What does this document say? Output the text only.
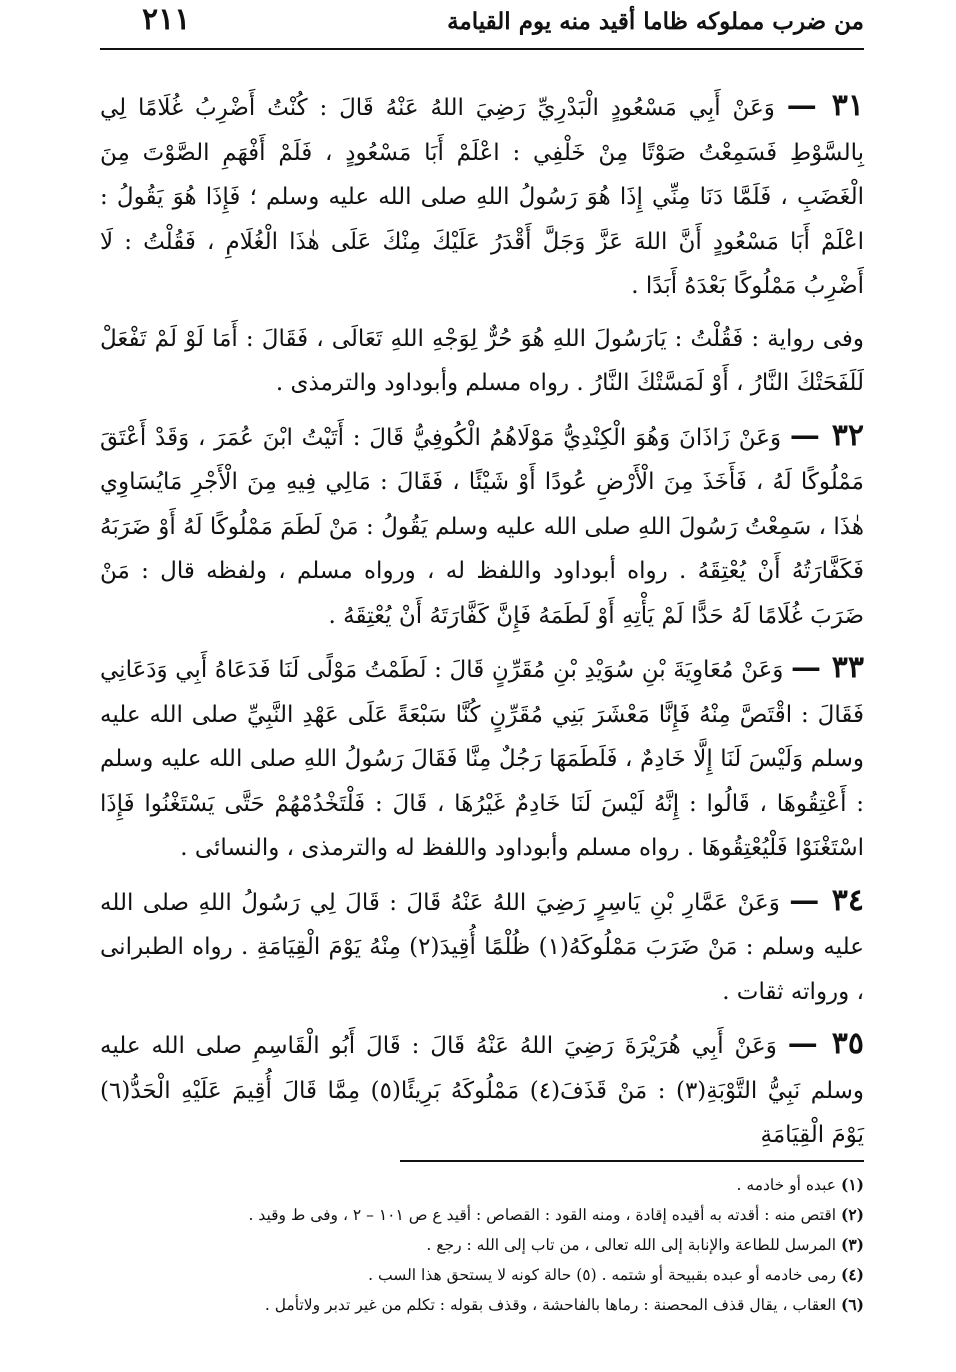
من ضرب مملوكه ظاما أقيد منه يوم القيامة
٢١١

٣١ — وَعَنْ أَبِي مَسْعُودٍ الْبَدْرِيِّ رَضِيَ اللهُ عَنْهُ قَالَ : كُنْتُ أَضْرِبُ غُلَامًا لِي بِالسَّوْطِ فَسَمِعْتُ صَوْتًا مِنْ خَلْفِي : اعْلَمْ أَبَا مَسْعُودٍ ، فَلَمْ أَفْهَمِ الصَّوْتَ مِنَ الْغَضَبِ ، فَلَمَّا دَنَا مِنِّي إِذَا هُوَ رَسُولُ اللهِ صلى الله عليه وسلم ؛ فَإِذَا هُوَ يَقُولُ : اعْلَمْ أَبَا مَسْعُودٍ أَنَّ اللهَ عَزَّ وَجَلَّ أَقْدَرُ عَلَيْكَ مِنْكَ عَلَى هٰذَا الْغُلَامِ ، فَقُلْتُ : لَا أَضْرِبُ مَمْلُوكًا بَعْدَهُ أَبَدًا .

وفى رواية : فَقُلْتُ : يَارَسُولَ اللهِ هُوَ حُرٌّ لِوَجْهِ اللهِ تَعَالَى ، فَقَالَ : أَمَا لَوْ لَمْ تَفْعَلْ لَلَفَحَتْكَ النَّارُ ، أَوْ لَمَسَّتْكَ النَّارُ . رواه مسلم وأبوداود والترمذى .

٣٢ — وَعَنْ زَاذَانَ وَهُوَ الْكِنْدِيُّ مَوْلَاهُمُ الْكُوفِيُّ قَالَ : أَتَيْتُ ابْنَ عُمَرَ ، وَقَدْ أَعْتَقَ مَمْلُوكًا لَهُ ، فَأَخَذَ مِنَ الْأَرْضِ عُودًا أَوْ شَيْئًا ، فَقَالَ : مَالِي فِيهِ مِنَ الْأَجْرِ مَايُسَاوِي هٰذَا ، سَمِعْتُ رَسُولَ اللهِ صلى الله عليه وسلم يَقُولُ : مَنْ لَطَمَ مَمْلُوكًا لَهُ أَوْ ضَرَبَهُ فَكَفَّارَتُهُ أَنْ يُعْتِقَهُ . رواه أبوداود واللفظ له ، ورواه مسلم ، ولفظه قال : مَنْ ضَرَبَ غُلَامًا لَهُ حَدًّا لَمْ يَأْتِهِ أَوْ لَطَمَهُ فَإِنَّ كَفَّارَتَهُ أَنْ يُعْتِقَهُ .

٣٣ — وَعَنْ مُعَاوِيَةَ بْنِ سُوَيْدِ بْنِ مُقَرِّنٍ قَالَ : لَطَمْتُ مَوْلًى لَنَا فَدَعَاهُ أَبِي وَدَعَانِي فَقَالَ : اقْتَصَّ مِنْهُ فَإِنَّا مَعْشَرَ بَنِي مُقَرِّنٍ كُنَّا سَبْعَةً عَلَى عَهْدِ النَّبِيِّ صلى الله عليه وسلم وَلَيْسَ لَنَا إِلَّا خَادِمٌ ، فَلَطَمَهَا رَجُلٌ مِنَّا فَقَالَ رَسُولُ اللهِ صلى الله عليه وسلم : أَعْتِقُوهَا ، قَالُوا : إِنَّهُ لَيْسَ لَنَا خَادِمٌ غَيْرُهَا ، قَالَ : فَلْتَخْدُمْهُمْ حَتَّى يَسْتَغْنُوا فَإِذَا اسْتَغْنَوْا فَلْيُعْتِقُوهَا . رواه مسلم وأبوداود واللفظ له والترمذى ، والنسائى .

٣٤ — وَعَنْ عَمَّارِ بْنِ يَاسِرٍ رَضِيَ اللهُ عَنْهُ قَالَ : قَالَ لِي رَسُولُ اللهِ صلى الله عليه وسلم : مَنْ ضَرَبَ مَمْلُوكَهُ(١) ظُلْمًا أُقِيدَ(٢) مِنْهُ يَوْمَ الْقِيَامَةِ . رواه الطبرانى ، ورواته ثقات .

٣٥ — وَعَنْ أَبِي هُرَيْرَةَ رَضِيَ اللهُ عَنْهُ قَالَ : قَالَ أَبُو الْقَاسِمِ صلى الله عليه وسلم نَبِيُّ التَّوْبَةِ(٣) : مَنْ قَذَفَ(٤) مَمْلُوكَهُ بَرِيئًا(٥) مِمَّا قَالَ أُقِيمَ عَلَيْهِ الْحَدُّ(٦) يَوْمَ الْقِيَامَةِ

(١) عبده أو خادمه .
(٢) اقتص منه : أقدته به أقيده إقادة ، ومنه القود : القصاص : أقيد ع ص ١٠١ – ٢ ، وفى ط وقيد .
(٣) المرسل للطاعة والإنابة إلى الله تعالى ، من تاب إلى الله : رجع .
(٤) رمى خادمه أو عبده بقبيحة أو شتمه . (٥) حالة كونه لا يستحق هذا السب .
(٦) العقاب ، يقال قذف المحصنة : رماها بالفاحشة ، وقذف بقوله : تكلم من غير تدبر ولاتأمل .
